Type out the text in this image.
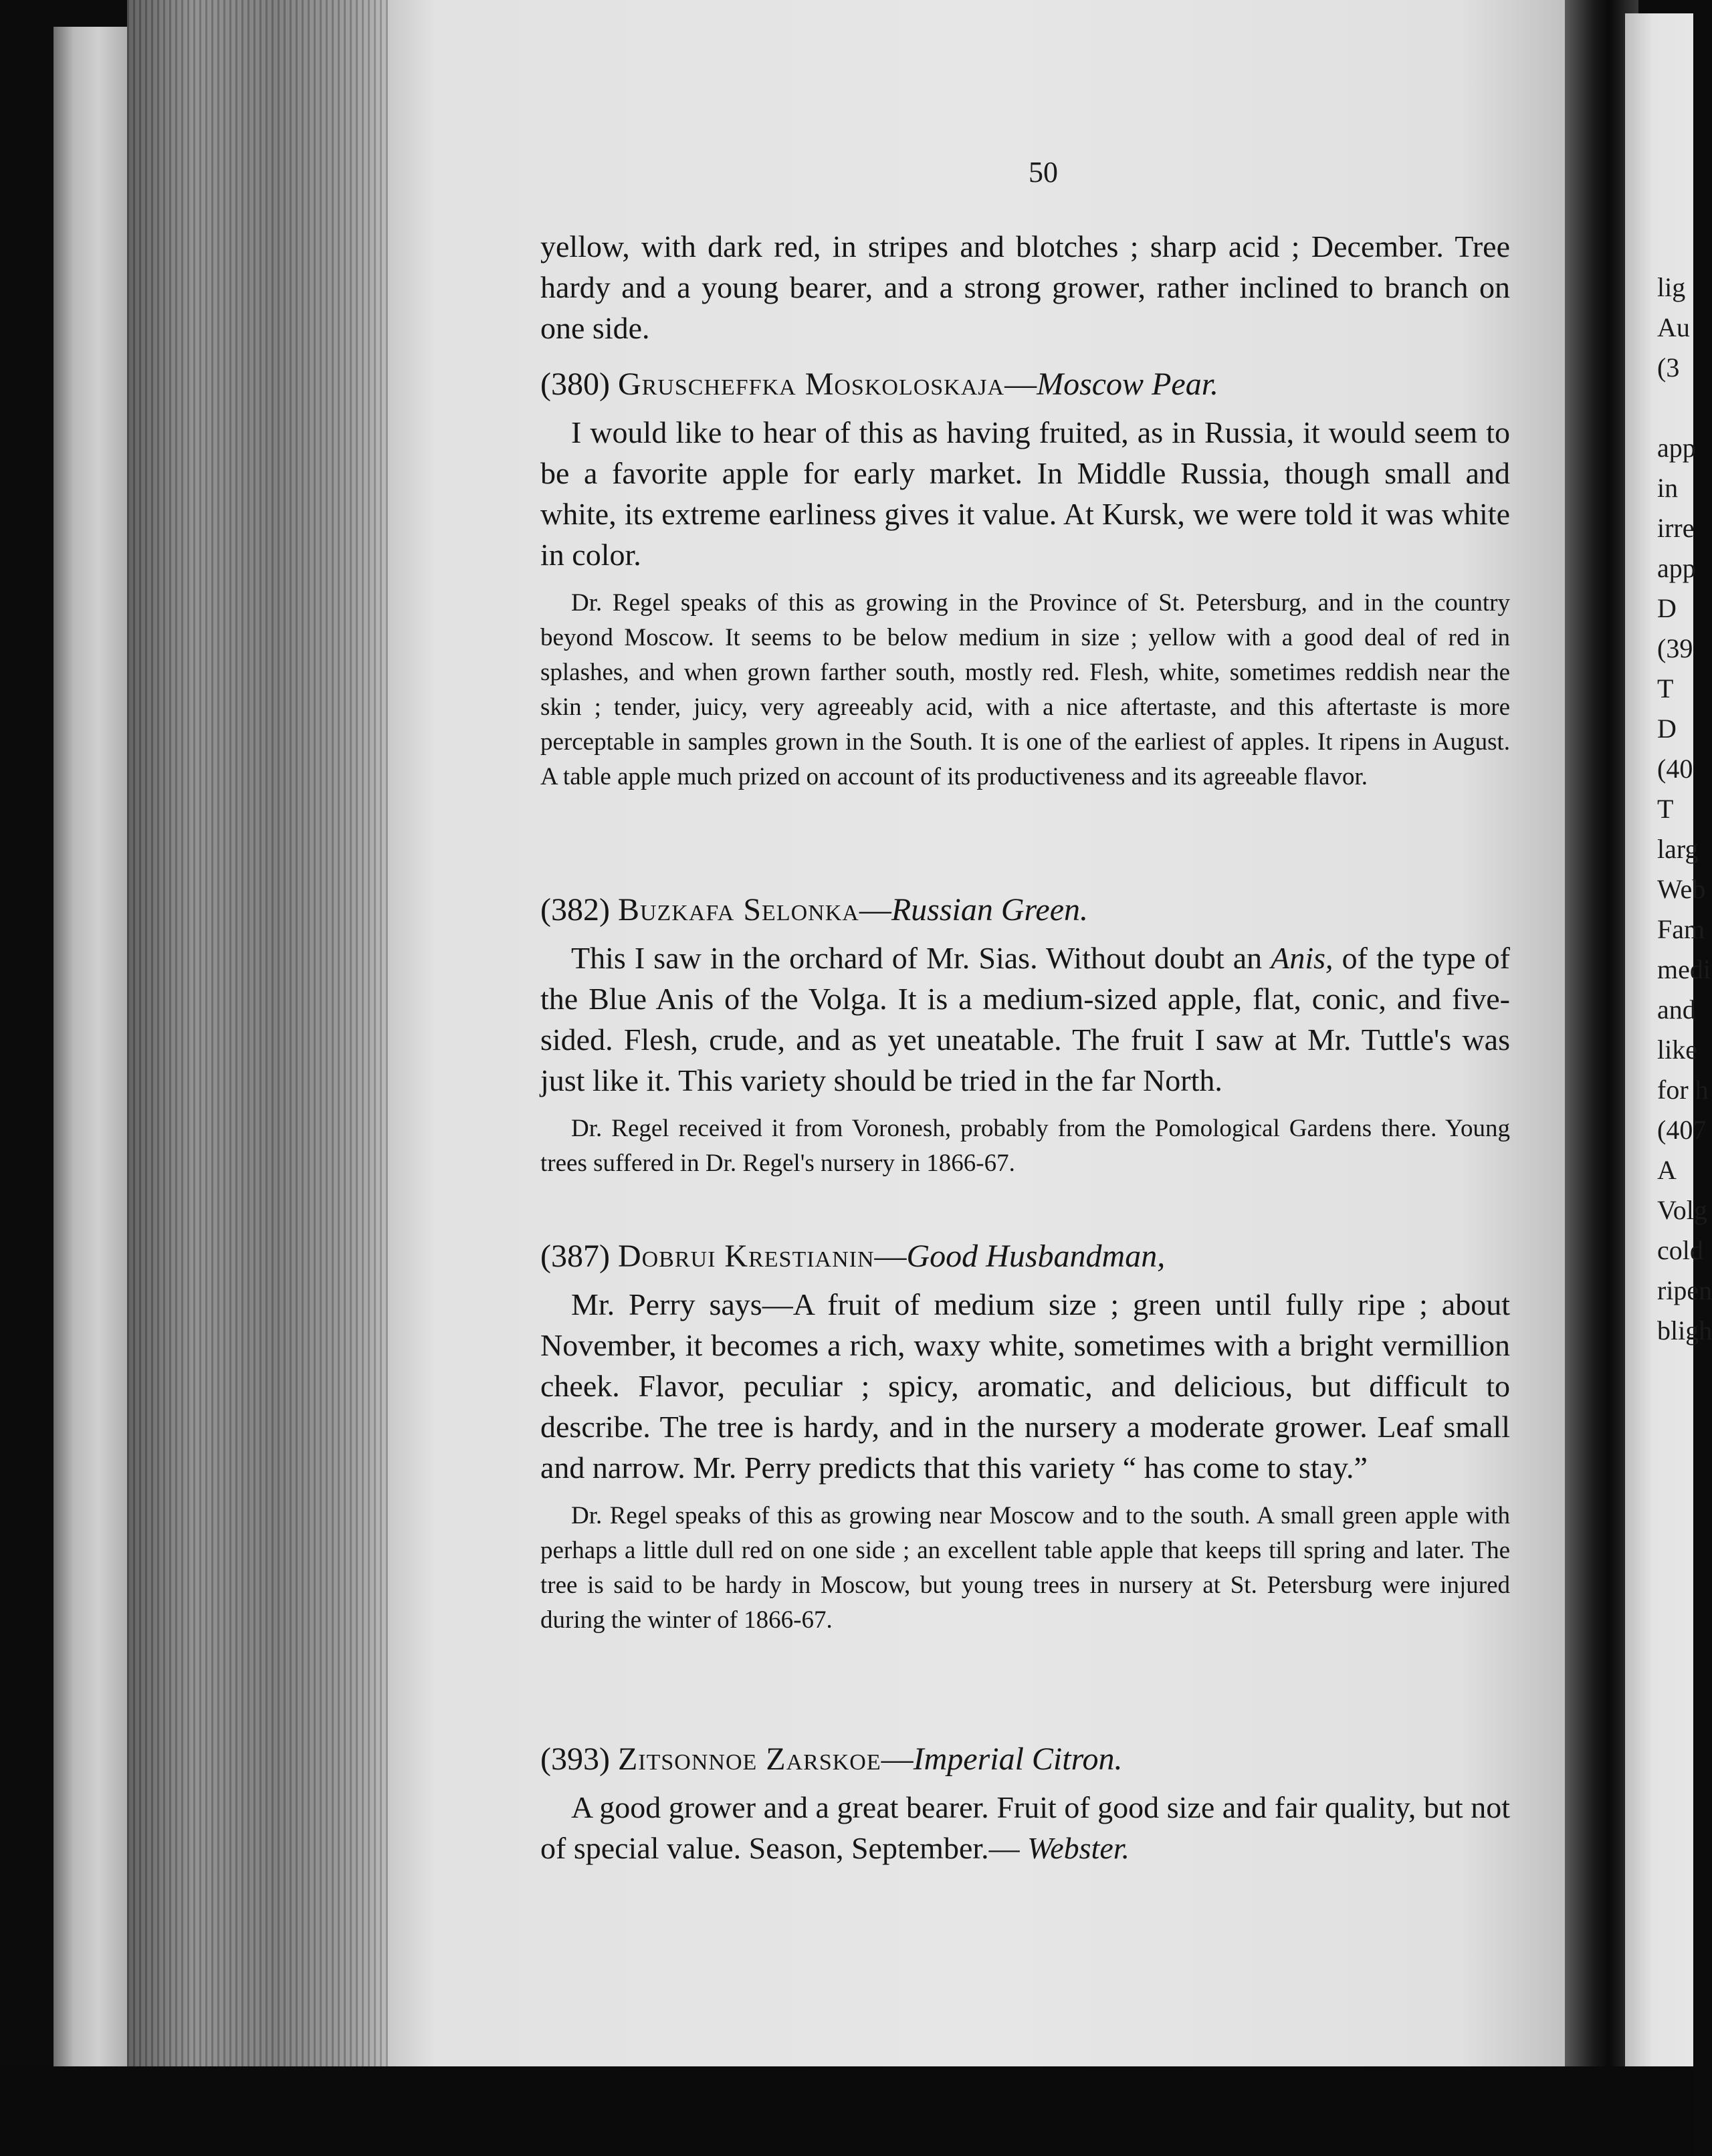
50

yellow, with dark red, in stripes and blotches ; sharp acid ; December. Tree hardy and a young bearer, and a strong grower, rather inclined to branch on one side.

(380) Gruscheffka Moskoloskaja—Moscow Pear.

I would like to hear of this as having fruited, as in Russia, it would seem to be a favorite apple for early market. In Middle Russia, though small and white, its extreme earliness gives it value. At Kursk, we were told it was white in color.

Dr. Regel speaks of this as growing in the Province of St. Petersburg, and in the country beyond Moscow. It seems to be below medium in size ; yellow with a good deal of red in splashes, and when grown farther south, mostly red. Flesh, white, sometimes reddish near the skin ; tender, juicy, very agreeably acid, with a nice aftertaste, and this aftertaste is more perceptable in samples grown in the South. It is one of the earliest of apples. It ripens in August. A table apple much prized on account of its productiveness and its agreeable flavor.

(382) Buzkafa Selonka—Russian Green.

This I saw in the orchard of Mr. Sias. Without doubt an Anis, of the type of the Blue Anis of the Volga. It is a medium-sized apple, flat, conic, and five-sided. Flesh, crude, and as yet uneatable. The fruit I saw at Mr. Tuttle's was just like it. This variety should be tried in the far North.

Dr. Regel received it from Voronesh, probably from the Pomological Gardens there. Young trees suffered in Dr. Regel's nursery in 1866-67.

(387) Dobrui Krestianin—Good Husbandman,

Mr. Perry says—A fruit of medium size ; green until fully ripe ; about November, it becomes a rich, waxy white, sometimes with a bright vermillion cheek. Flavor, peculiar ; spicy, aromatic, and delicious, but difficult to describe. The tree is hardy, and in the nursery a moderate grower. Leaf small and narrow. Mr. Perry predicts that this variety “ has come to stay.”

Dr. Regel speaks of this as growing near Moscow and to the south. A small green apple with perhaps a little dull red on one side ; an excellent table apple that keeps till spring and later. The tree is said to be hardy in Moscow, but young trees in nursery at St. Petersburg were injured during the winter of 1866-67.

(393) Zitsonnoe Zarskoe—Imperial Citron.

A good grower and a great bearer. Fruit of good size and fair quality, but not of special value. Season, September.— Webster.

lig
Au
(3

app
in
irre
app
D
(39
T
D
(40
T
larg
Web
Fam
medi
and
like
for h
(407
A
Volg
cold
ripen
bligh
